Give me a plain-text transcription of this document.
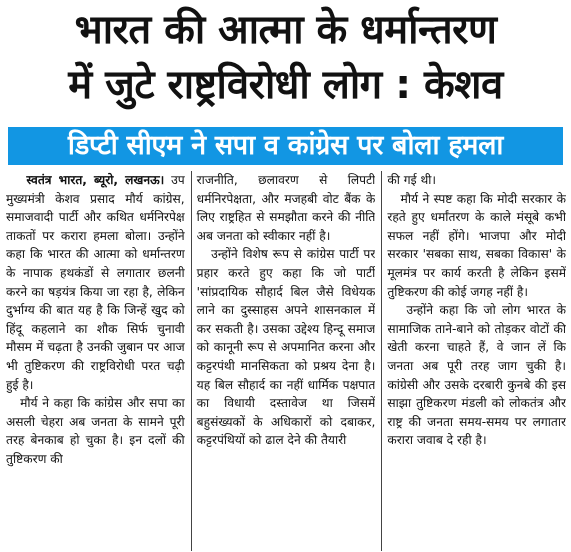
भारत की आत्मा के धर्मान्तरण
में जुटे राष्ट्रविरोधी लोग : केशव
डिप्टी सीएम ने सपा व कांग्रेस पर बोला हमला

स्वतंत्र भारत, ब्यूरो, लखनऊ। उप मुख्यमंत्री केशव प्रसाद मौर्य कांग्रेस, समाजवादी पार्टी और कथित धर्मनिरपेक्ष ताकतों पर करारा हमला बोला। उन्होंने कहा कि भारत की आत्मा को धर्मान्तरण के नापाक हथकंडों से लगातार छलनी करने का षड़यंत्र किया जा रहा है, लेकिन दुर्भाग्य की बात यह है कि जिन्हें खुद को हिंदू कहलाने का शौक सिर्फ चुनावी मौसम में चढ़ता है उनकी जुबान पर आज भी तुष्टिकरण की राष्ट्रविरोधी परत चढ़ी हुई है।

मौर्य ने कहा कि कांग्रेस और सपा का असली चेहरा अब जनता के सामने पूरी तरह बेनकाब हो चुका है। इन दलों की तुष्टिकरण की

राजनीति, छलावरण से लिपटी धर्मनिरपेक्षता, और मजहबी वोट बैंक के लिए राष्ट्रहित से समझौता करने की नीति अब जनता को स्वीकार नहीं है।

उन्होंने विशेष रूप से कांग्रेस पार्टी पर प्रहार करते हुए कहा कि जो पार्टी 'सांप्रदायिक सौहार्द बिल जैसे विधेयक लाने का दुस्साहस अपने शासनकाल में कर सकती है। उसका उद्देश्य हिन्दू समाज को कानूनी रूप से अपमानित करना और कट्टरपंथी मानसिकता को प्रश्रय देना है। यह बिल सौहार्द का नहीं धार्मिक पक्षपात का विधायी दस्तावेज था जिसमें बहुसंख्यकों के अधिकारों को दबाकर, कट्टरपंथियों को ढाल देने की तैयारी

की गई थी।

मौर्य ने स्पष्ट कहा कि मोदी सरकार के रहते हुए धर्मांतरण के काले मंसूबे कभी सफल नहीं होंगे। भाजपा और मोदी सरकार 'सबका साथ, सबका विकास' के मूलमंत्र पर कार्य करती है लेकिन इसमें तुष्टिकरण की कोई जगह नहीं है।

उन्होंने कहा कि जो लोग भारत के सामाजिक ताने-बाने को तोड़कर वोटों की खेती करना चाहते हैं, वे जान लें कि जनता अब पूरी तरह जाग चुकी है। कांग्रेसी और उसके दरबारी कुनबे की इस साझा तुष्टिकरण मंडली को लोकतंत्र और राष्ट्र की जनता समय-समय पर लगातार करारा जवाब दे रही है।
